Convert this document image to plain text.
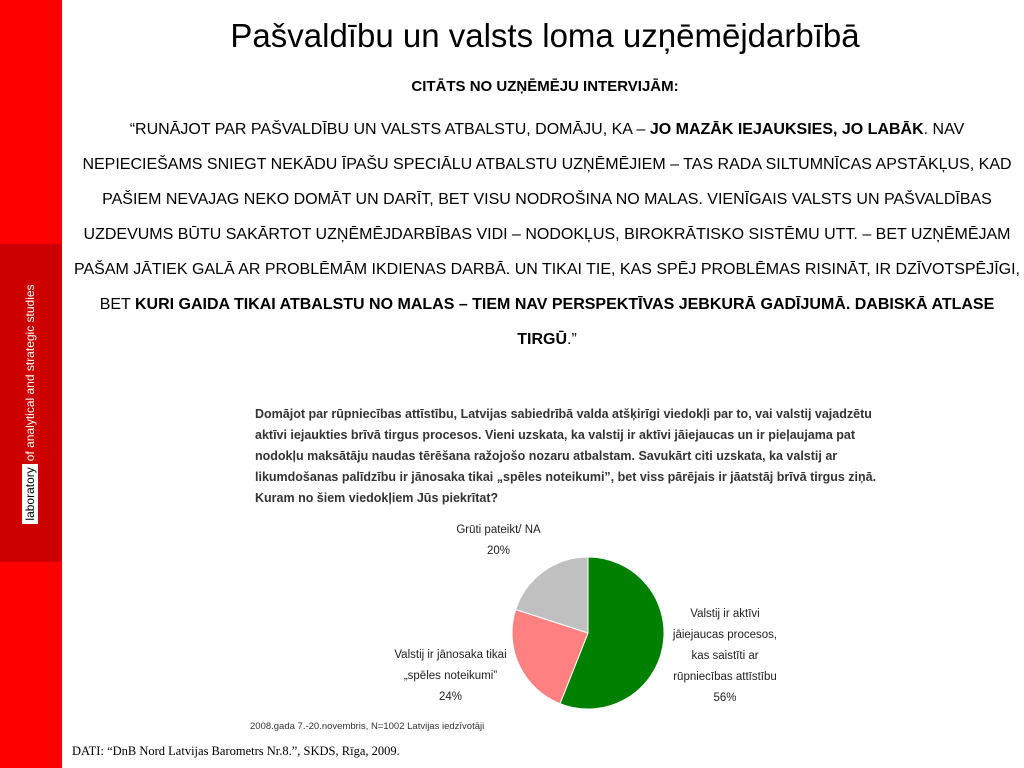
laboratoryof analytical and strategic studies
Pašvaldību un valsts loma uzņēmējdarbībā
CITĀTS NO UZŅĒMĒJU INTERVIJĀM:
“RUNĀJOT PAR PAŠVALDĪBU UN VALSTS ATBALSTU, DOMĀJU, KA – JO MAZĀK IEJAUKSIES, JO LABĀK. NAV NEPIECIEŠAMS SNIEGT NEKĀDU ĪPAŠU SPECIĀLU ATBALSTU UZŅĒMĒJIEM – TAS RADA SILTUMNĪCAS APSTĀKĻUS, KAD PAŠIEM NEVAJAG NEKO DOMĀT UN DARĪT, BET VISU NODROŠINA NO MALAS. VIENĪGAIS VALSTS UN PAŠVALDĪBAS UZDEVUMS BŪTU SAKĀRTOT UZŅĒMĒJDARBĪBAS VIDI – NODOKĻUS, BIROKRĀTISKO SISTĒMU UTT. – BET UZŅĒMĒJAM PAŠAM JĀTIEK GALĀ AR PROBLĒMĀM IKDIENAS DARBĀ. UN TIKAI TIE, KAS SPĒJ PROBLĒMAS RISINĀT, IR DZĪVOTSPĒJĪGI, BET KURI GAIDA TIKAI ATBALSTU NO MALAS – TIEM NAV PERSPEKTĪVAS JEBKURĀ GADĪJUMĀ. DABISKĀ ATLASE TIRGŪ.”
Domājot par rūpniecības attīstību, Latvijas sabiedrībā valda atšķirīgi viedokļi par to, vai valstij vajadzētu aktīvi iejaukties brīvā tirgus procesos. Vieni uzskata, ka valstij ir aktīvi jāiejaucas un ir pieļaujama pat nodokļu maksātāju naudas tērēšana ražojošo nozaru atbalstam. Savukārt citi uzskata, ka valstij ar likumdošanas palīdzību ir jānosaka tikai „spēles noteikumi”, bet viss pārējais ir jāatstāj brīvā tirgus ziņā. Kuram no šiem viedokļiem Jūs piekrītat?
Grūti pateikt/ NA
20%
Valstij ir aktīvi
jāiejaucas procesos,
kas saistīti ar
rūpniecības attīstību
56%
Valstij ir jānosaka tikai
„spēles noteikumi”
24%
2008.gada 7.-20.novembris, N=1002 Latvijas iedzīvotāji
DATI: “DnB Nord Latvijas Barometrs Nr.8.”, SKDS, Rīga, 2009.
